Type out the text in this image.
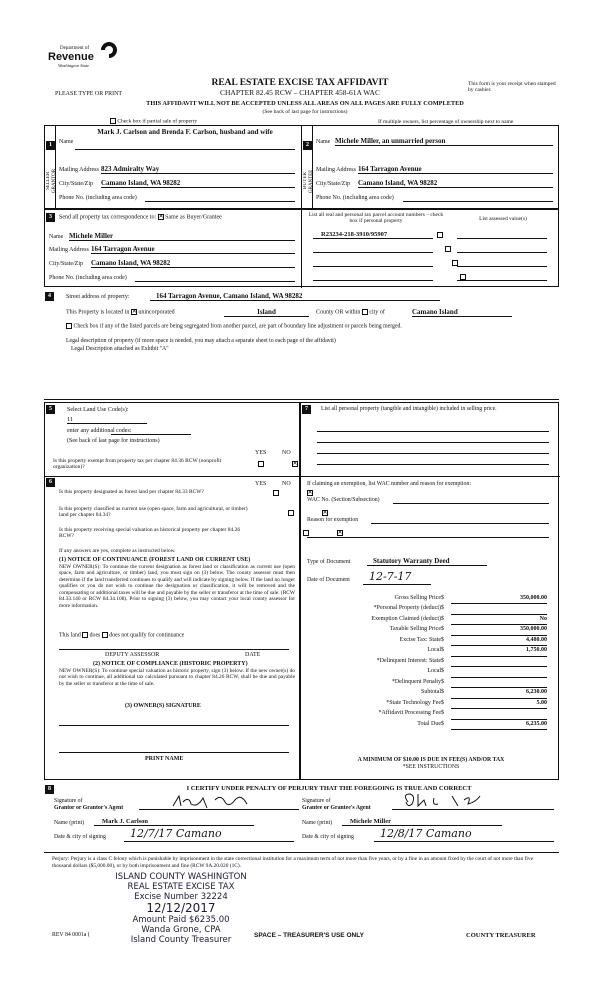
Department of
Revenue
Washington State
REAL ESTATE EXCISE TAX AFFIDAVIT
PLEASE TYPE OR PRINT	CHAPTER 82.45 RCW – CHAPTER 458-61A WAC
This form is your receipt when stamped by cashier.
THIS AFFIDAVIT WILL NOT BE ACCEPTED UNLESS ALL AREAS ON ALL PAGES ARE FULLY COMPLETED
(See back of last page for instructions)
Check box if partial sale of property	If multiple owners, list percentage of ownership next to name
1	2
SELLER GRANTOR	BUYER GRANTEE
Name
Mark J. Carlson and Brenda F. Carlson, husband and wife
Mailing Address 823 Admiralty Way
City/State/Zip Camano Island, WA 98282
Phone No. (including area code)
Name Michele Miller, an unmarried person
Mailing Address 164 Tarragon Avenue
City/State/Zip Camano Island, WA 98282
Phone No. (including area code)
3	Send all property tax correspondence to: ✕ Same as Buyer/Grantee
Name Michele Miller
Mailing Address 164 Tarragon Avenue
City/State/Zip Camano Island, WA 98282
Phone No. (including area code)
List all real and personal tax parcel account numbers – check box if personal property	List assessed value(s)
R23234-218-3910/95907

4	Street address of property:	164 Tarragon Avenue, Camano Island, WA 98282
This Property is located in ✕ unincorporated	Island	County OR within city of	Camano Island
Check box if any of the listed parcels are being segregated from another parcel, are part of boundary line adjustment or parcels being merged.
Legal description of property (if more space is needed, you may attach a separate sheet to each page of the affidavit)
Legal Description attached as Exhibit "A"
5	Select Land Use Code(s):
11
enter any additional codes:
(See back of last page for instructions)
YES	NO
Is this property exempt from property tax per chapter 84.36 RCW (nonprofit organization)?
✕
6	YES	NO
Is this property designated as forest land per chapter 84.33 RCW?
✕
Is this property classified as current use (open space, farm and agricultural, or timber) land per chapter 84.34?
✕
Is this property receiving special valuation as historical property per chapter 84.26 RCW?
✕
If any answers are yes, complete as instructed below.
(1) NOTICE OF CONTINUANCE (FOREST LAND OR CURRENT USE)
NEW OWNER(S): To continue the current designation as forest land or classification as current use (open space, farm and agriculture, or timber) land, you must sign on (3) below. The county assessor must then determine if the land transferred continues to qualify and will indicate by signing below. If the land no longer qualifies or you do not wish to continue the designation or classification, it will be removed and the compensating or additional taxes will be due and payable by the seller or transferor at the time of sale. (RCW 84.33.140 or RCW 84.34.108). Prior to signing (3) below, you may contact your local county assessor for more information.
This land does does not qualify for continuance
DEPUTY ASSESSOR	DATE
(2) NOTICE OF COMPLIANCE (HISTORIC PROPERTY)
NEW OWNER(S): To continue special valuation as historic property, sign (3) below. If the new owner(s) do not wish to continue, all additional tax calculated pursuant to chapter 84.26 RCW, shall be due and payable by the seller or transferor at the time of sale.
(3) OWNER(S) SIGNATURE
PRINT NAME
7	List all personal property (tangible and intangible) included in selling price.
If claiming an exemption, list WAC number and reason for exemption:
WAC No. (Section/Subsection)
Reason for exemption
Type of Document	Statutory Warranty Deed
Date of Document	12-7-17
Gross Selling Price	$	350,000.00
*Personal Property (deduct)	$	
Exemption Claimed (deduct)	$	No
Taxable Selling Price	$	350,000.00
Excise Tax: State	$	4,480.00
Local	$	1,750.00
*Delinquent Interest: State	$	
Local	$	
*Delinquent Penalty	$	
Subtotal	$	6,230.00
*State Technology Fee	$	5.00
*Affidavit Processing Fee	$	
Total Due	$	6,235.00
A MINIMUM OF $10.00 IS DUE IN FEE(S) AND/OR TAX
*SEE INSTRUCTIONS
8	I CERTIFY UNDER PENALTY OF PERJURY THAT THE FOREGOING IS TRUE AND CORRECT
Signature of
Grantor or Grantor's Agent
Signature of
Grantee or Grantee's Agent
Name (print)	Mark J. Carlson	Name (print)	Michele Miller
Date & city of signing	12/7/17 Camano	Date & city of signing	12/8/17 Camano
Perjury: Perjury is a class C felony which is punishable by imprisonment in the state correctional institution for a maximum term of not more than five years, or by a fine in an amount fixed by the court of not more than five thousand dollars ($5,000.00), or by both imprisonment and fine (RCW 9A.20.020 (1C).
ISLAND COUNTY WASHINGTON
REAL ESTATE EXCISE TAX
Excise Number 32224
12/12/2017
Amount Paid $6235.00
Wanda Grone, CPA
Island County Treasurer
REV 84 0001a (	SPACE – TREASURER'S USE ONLY	COUNTY TREASURER
